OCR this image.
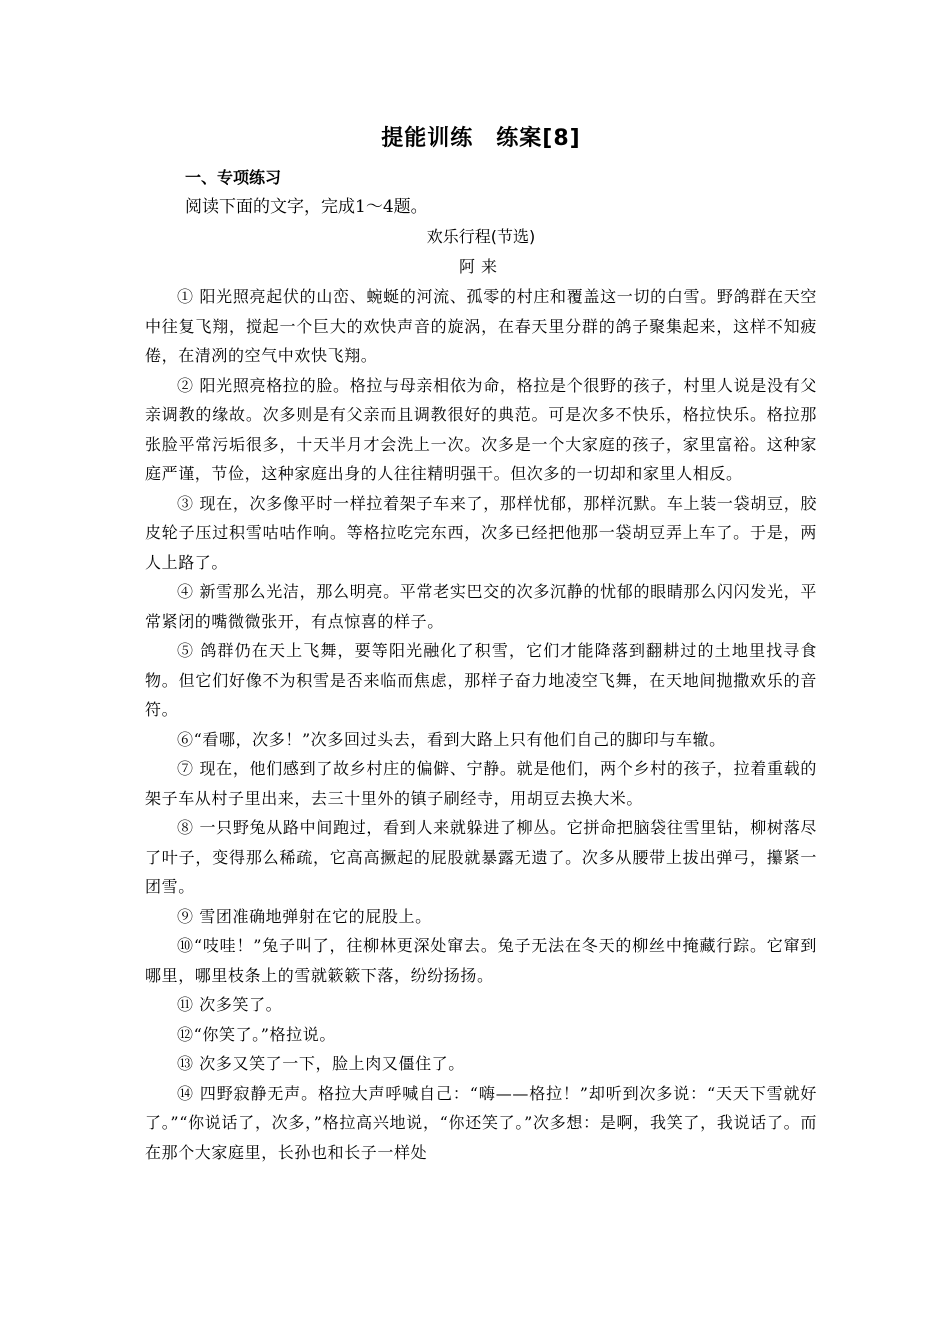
提能训练　练案[8]
一、专项练习
阅读下面的文字，完成1～4题。
欢乐行程(节选)
阿来

① 阳光照亮起伏的山峦、蜿蜒的河流、孤零的村庄和覆盖这一切的白雪。野鸽群在天空中往复飞翔，搅起一个巨大的欢快声音的旋涡，在春天里分群的鸽子聚集起来，这样不知疲倦，在清冽的空气中欢快飞翔。

② 阳光照亮格拉的脸。格拉与母亲相依为命，格拉是个很野的孩子，村里人说是没有父亲调教的缘故。次多则是有父亲而且调教很好的典范。可是次多不快乐，格拉快乐。格拉那张脸平常污垢很多，十天半月才会洗上一次。次多是一个大家庭的孩子，家里富裕。这种家庭严谨，节俭，这种家庭出身的人往往精明强干。但次多的一切却和家里人相反。

③ 现在，次多像平时一样拉着架子车来了，那样忧郁，那样沉默。车上装一袋胡豆，胶皮轮子压过积雪咕咕作响。等格拉吃完东西，次多已经把他那一袋胡豆弄上车了。于是，两人上路了。

④ 新雪那么光洁，那么明亮。平常老实巴交的次多沉静的忧郁的眼睛那么闪闪发光，平常紧闭的嘴微微张开，有点惊喜的样子。

⑤ 鸽群仍在天上飞舞，要等阳光融化了积雪，它们才能降落到翻耕过的土地里找寻食物。但它们好像不为积雪是否来临而焦虑，那样子奋力地凌空飞舞，在天地间抛撒欢乐的音符。

⑥“看哪，次多！”次多回过头去，看到大路上只有他们自己的脚印与车辙。

⑦ 现在，他们感到了故乡村庄的偏僻、宁静。就是他们，两个乡村的孩子，拉着重载的架子车从村子里出来，去三十里外的镇子刷经寺，用胡豆去换大米。

⑧ 一只野兔从路中间跑过，看到人来就躲进了柳丛。它拼命把脑袋往雪里钻，柳树落尽了叶子，变得那么稀疏，它高高撅起的屁股就暴露无遗了。次多从腰带上拔出弹弓，攥紧一团雪。

⑨ 雪团准确地弹射在它的屁股上。

⑩“吱哇！”兔子叫了，往柳林更深处窜去。兔子无法在冬天的柳丝中掩藏行踪。它窜到哪里，哪里枝条上的雪就簌簌下落，纷纷扬扬。

⑪ 次多笑了。

⑫“你笑了。”格拉说。

⑬ 次多又笑了一下，脸上肉又僵住了。

⑭ 四野寂静无声。格拉大声呼喊自己：“嗨——格拉！”却听到次多说：“天天下雪就好了。”“你说话了，次多，”格拉高兴地说，“你还笑了。”次多想：是啊，我笑了，我说话了。而在那个大家庭里，长孙也和长子一样处
